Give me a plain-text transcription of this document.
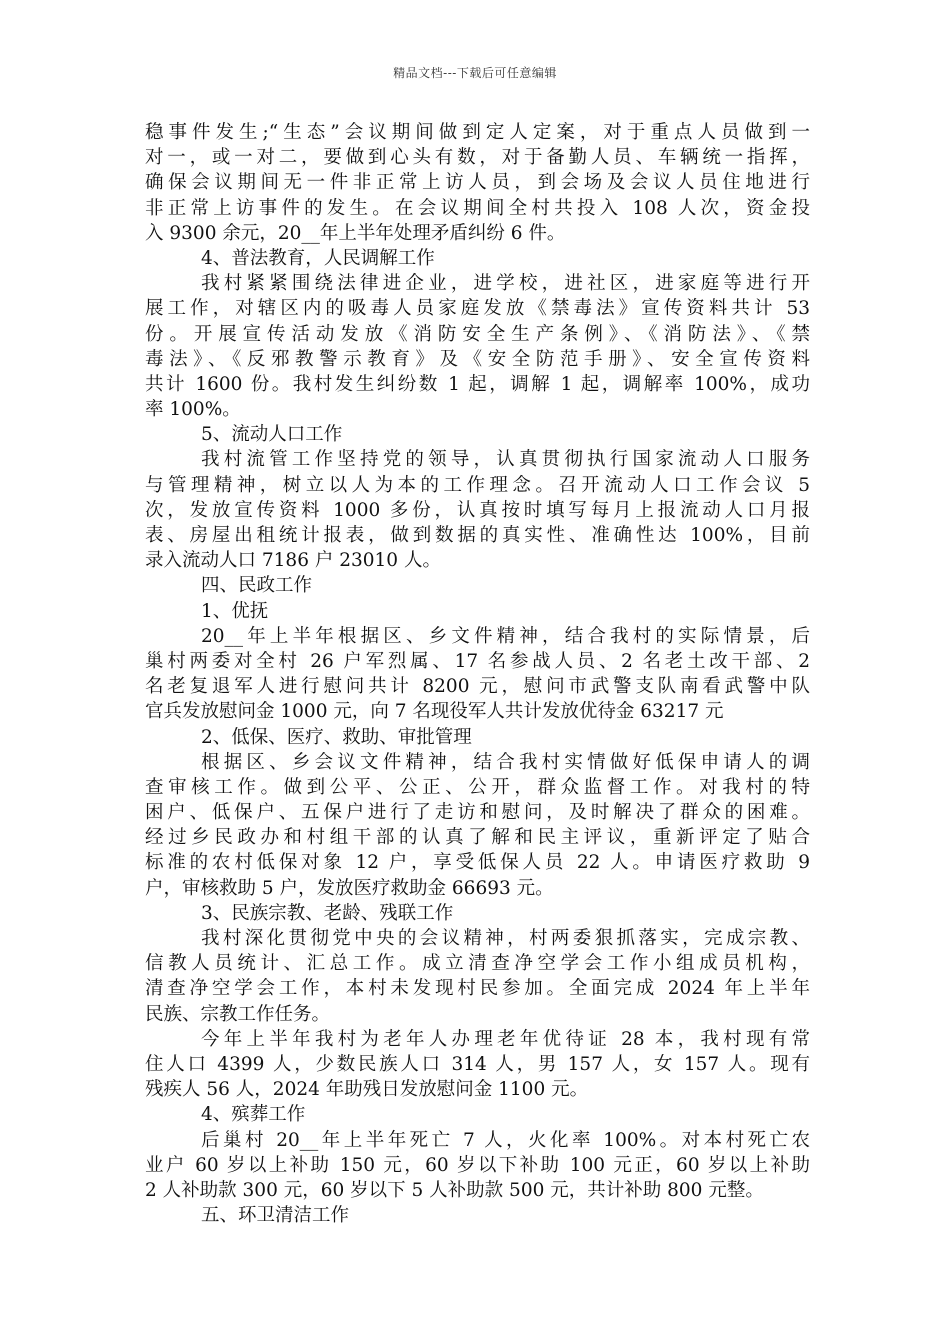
精品文档---下载后可任意编辑
稳事件发生;“生态”会议期间做到定人定案，对于重点人员做到一
对一，或一对二，要做到心头有数，对于备勤人员、车辆统一指挥，
确保会议期间无一件非正常上访人员，到会场及会议人员住地进行
非正常上访事件的发生。在会议期间全村共投入 108 人次，资金投
入 9300 余元，20__年上半年处理矛盾纠纷 6 件。
4、普法教育，人民调解工作
我村紧紧围绕法律进企业，进学校，进社区，进家庭等进行开
展工作，对辖区内的吸毒人员家庭发放《禁毒法》宣传资料共计 53
份。开展宣传活动发放《消防安全生产条例》、《消防法》、《禁
毒法》、《反邪教警示教育》及《安全防范手册》、安全宣传资料
共计 1600 份。我村发生纠纷数 1 起，调解 1 起，调解率 100%，成功
率 100%。
5、流动人口工作
我村流管工作坚持党的领导，认真贯彻执行国家流动人口服务
与管理精神，树立以人为本的工作理念。召开流动人口工作会议 5
次，发放宣传资料 1000 多份，认真按时填写每月上报流动人口月报
表、房屋出租统计报表，做到数据的真实性、准确性达 100%，目前
录入流动人口 7186 户 23010 人。
四、民政工作
1、优抚
20__年上半年根据区、乡文件精神，结合我村的实际情景，后
巢村两委对全村 26 户军烈属、17 名参战人员、2 名老土改干部、2
名老复退军人进行慰问共计 8200 元，慰问市武警支队南看武警中队
官兵发放慰问金 1000 元，向 7 名现役军人共计发放优待金 63217 元
2、低保、医疗、救助、审批管理
根据区、乡会议文件精神，结合我村实情做好低保申请人的调
查审核工作。做到公平、公正、公开，群众监督工作。对我村的特
困户、低保户、五保户进行了走访和慰问，及时解决了群众的困难。
经过乡民政办和村组干部的认真了解和民主评议，重新评定了贴合
标准的农村低保对象 12 户，享受低保人员 22 人。申请医疗救助 9
户，审核救助 5 户，发放医疗救助金 66693 元。
3、民族宗教、老龄、残联工作
我村深化贯彻党中央的会议精神，村两委狠抓落实，完成宗教、
信教人员统计、汇总工作。成立清查净空学会工作小组成员机构，
清查净空学会工作，本村未发现村民参加。全面完成 2024 年上半年
民族、宗教工作任务。
今年上半年我村为老年人办理老年优待证 28 本，我村现有常
住人口 4399 人，少数民族人口 314 人，男 157 人，女 157 人。现有
残疾人 56 人，2024 年助残日发放慰问金 1100 元。
4、殡葬工作
后巢村 20__年上半年死亡 7 人，火化率 100%。对本村死亡农
业户 60 岁以上补助 150 元，60 岁以下补助 100 元正，60 岁以上补助
2 人补助款 300 元，60 岁以下 5 人补助款 500 元，共计补助 800 元整。
五、环卫清洁工作
